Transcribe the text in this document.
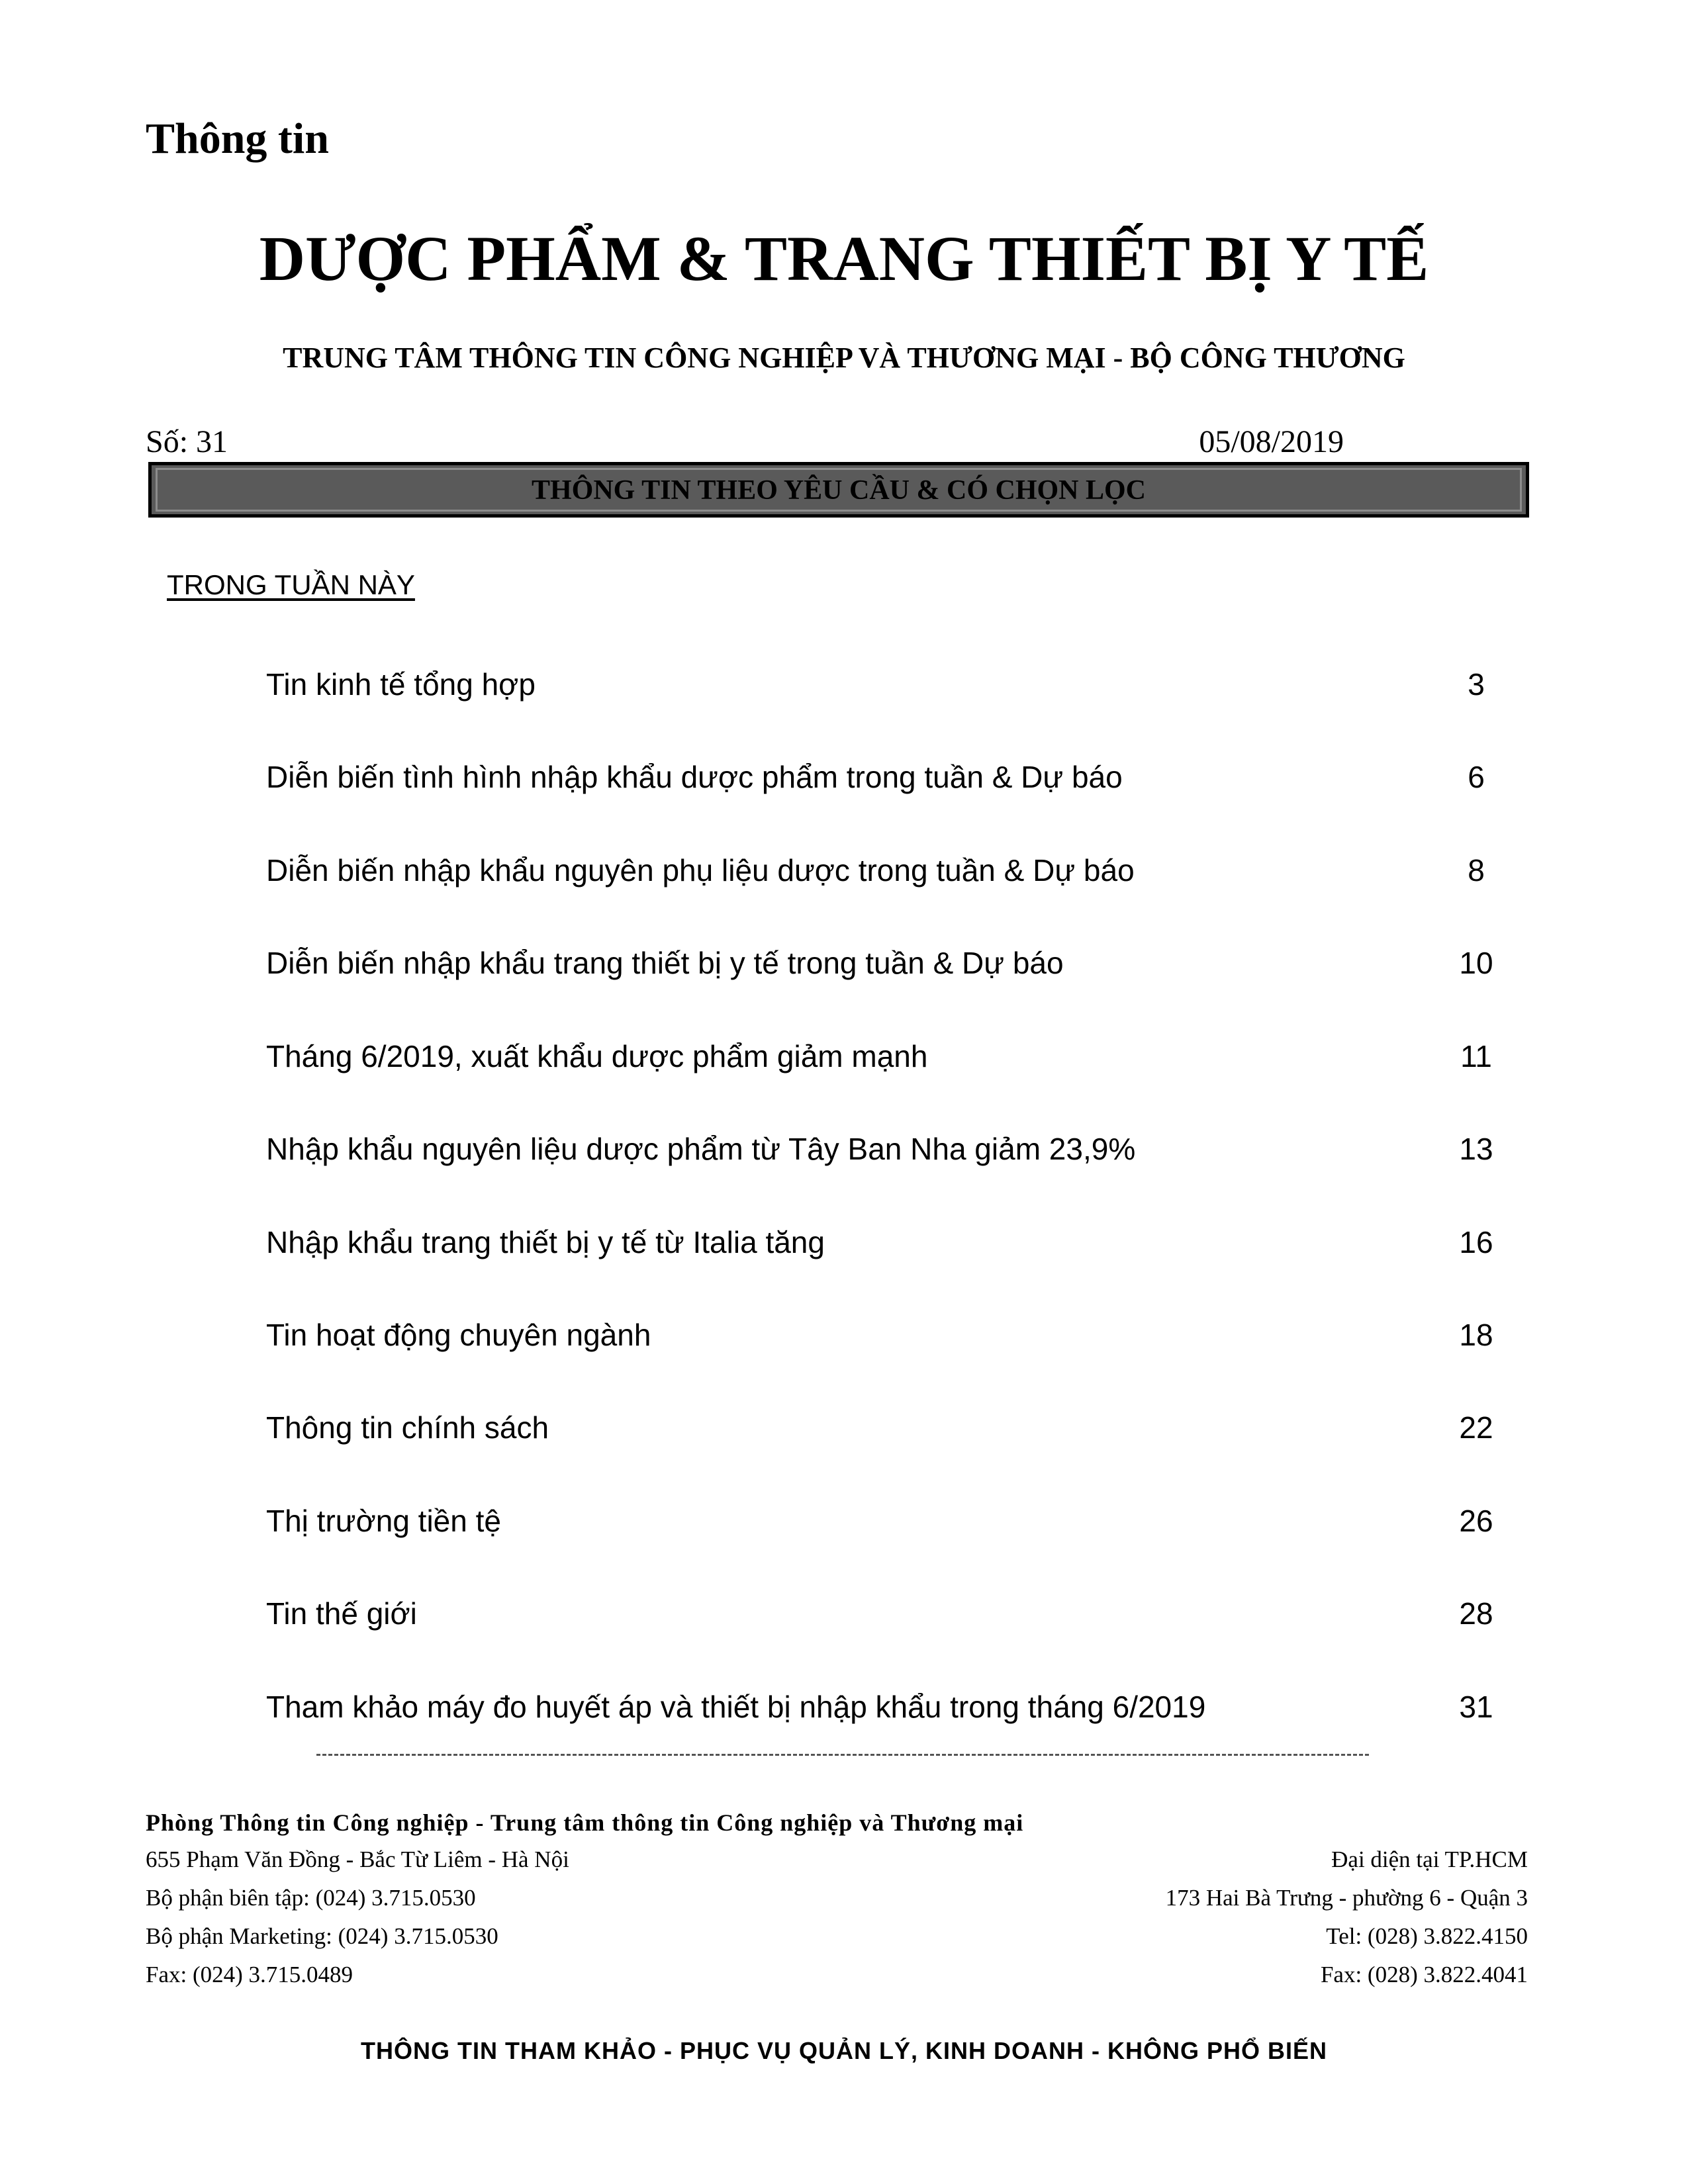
Thông tin
DƯỢC PHẨM & TRANG THIẾT BỊ Y TẾ
TRUNG TÂM THÔNG TIN CÔNG NGHIỆP VÀ THƯƠNG MẠI - BỘ CÔNG THƯƠNG
Số: 31	05/08/2019
THÔNG TIN THEO YÊU CẦU & CÓ CHỌN LỌC
TRONG TUẦN NÀY
Tin kinh tế tổng hợp	3
Diễn biến tình hình nhập khẩu dược phẩm trong tuần & Dự báo	6
Diễn biến nhập khẩu nguyên phụ liệu dược trong tuần & Dự báo	8
Diễn biến nhập khẩu trang thiết bị y tế trong tuần & Dự báo	10
Tháng 6/2019, xuất khẩu dược phẩm giảm mạnh	11
Nhập khẩu nguyên liệu dược phẩm từ Tây Ban Nha giảm 23,9%	13
Nhập khẩu trang thiết bị y tế từ Italia tăng	16
Tin hoạt động chuyên ngành	18
Thông tin chính sách	22
Thị trường tiền tệ	26
Tin thế giới	28
Tham khảo máy đo huyết áp và thiết bị nhập khẩu trong tháng 6/2019	31
Phòng Thông tin Công nghiệp - Trung tâm thông tin Công nghiệp và Thương mại
655 Phạm Văn Đồng - Bắc Từ Liêm - Hà Nội
Bộ phận biên tập: (024) 3.715.0530
Bộ phận Marketing: (024) 3.715.0530
Fax: (024) 3.715.0489
Đại diện tại TP.HCM
173 Hai Bà Trưng - phường 6 - Quận 3
Tel: (028) 3.822.4150
Fax: (028) 3.822.4041
THÔNG TIN THAM KHẢO - PHỤC VỤ QUẢN LÝ, KINH DOANH - KHÔNG PHỔ BIẾN
